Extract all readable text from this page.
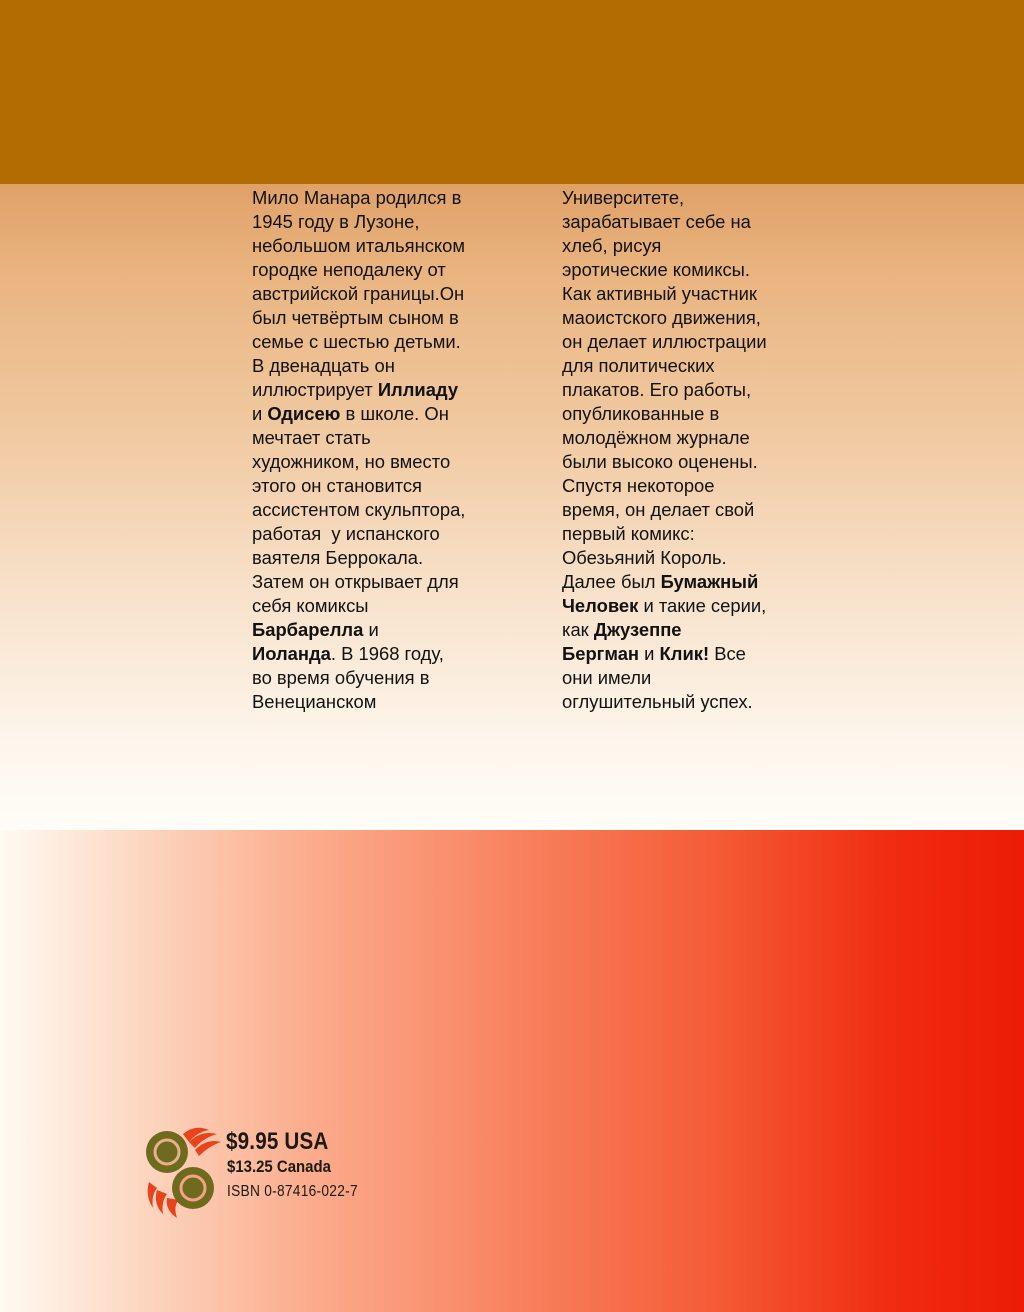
Мило Манара родился в
1945 году в Лузоне,
небольшом итальянском
городке неподалеку от
австрийской границы.Он
был четвёртым сыном в
семье с шестью детьми.
В двенадцать он
иллюстрирует Иллиаду
и Одисею в школе. Он
мечтает стать
художником, но вместо
этого он становится
ассистентом скульптора,
работая  у испанского
ваятеля Беррокала.
Затем он открывает для
себя комиксы
Барбарелла и
Иоланда. В 1968 году,
во время обучения в
Венецианском
Университете,
зарабатывает себе на
хлеб, рисуя
эротические комиксы.
Как активный участник
маоистского движения,
он делает иллюстрации
для политических
плакатов. Его работы,
опубликованные в
молодёжном журнале
были высоко оценены.
Спустя некоторое
время, он делает свой
первый комикс:
Обезьяний Король.
Далее был Бумажный
Человек и такие серии,
как Джузеппе
Бергман и Клик! Все
они имели
оглушительный успех.
$9.95 USA
$13.25 Canada
ISBN 0-87416-022-7
